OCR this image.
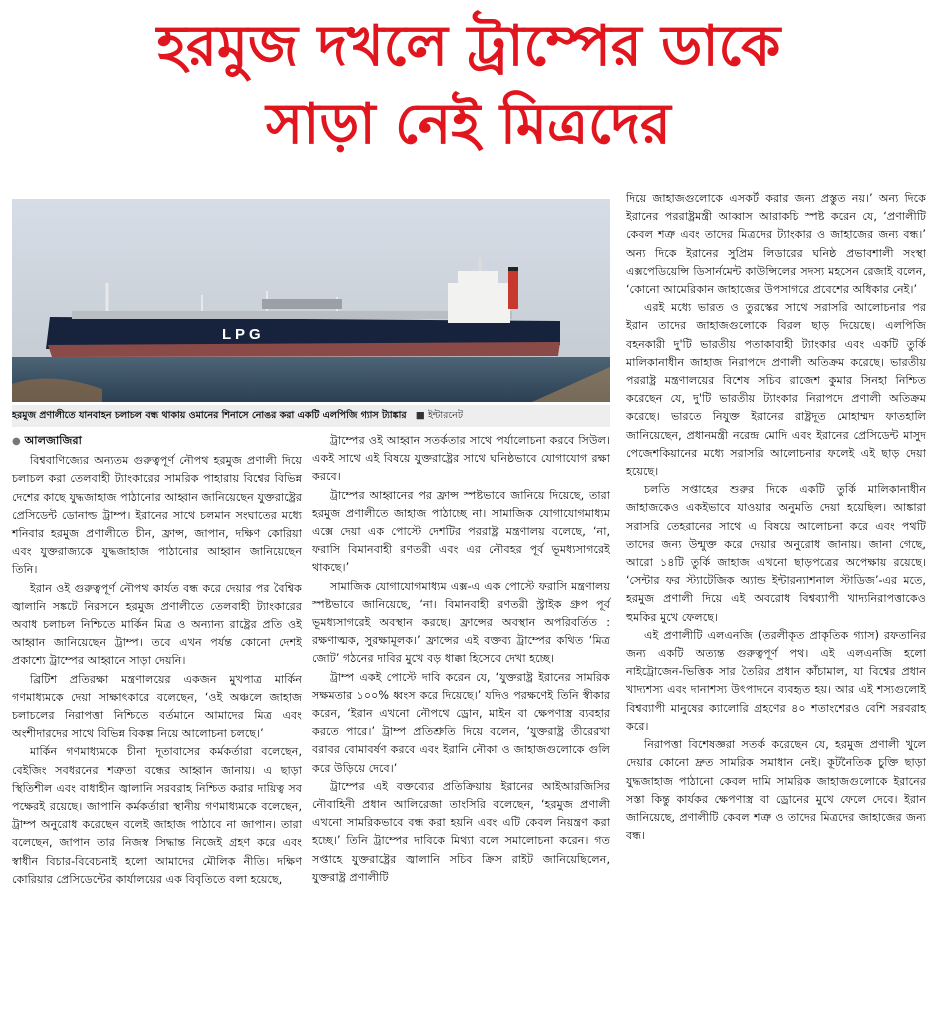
হরমুজ দখলে ট্রাম্পের ডাকে
সাড়া নেই মিত্রদের
L P G
হরমুজ প্রণালীতে যানবাহন চলাচল বন্ধ থাকায় ওমানের শিনাসে নোঙর করা একটি এলপিজি গ্যাস ট্যাঙ্কার   ■ ইন্টারনেট
● আলজাজিরা

বিশ্ববাণিজ্যের অন্যতম গুরুত্বপূর্ণ নৌপথ হরমুজ প্রণালী দিয়ে চলাচল করা তেলবাহী ট্যাংকারের সামরিক পাহারায় বিশ্বের বিভিন্ন দেশের কাছে যুদ্ধজাহাজ পাঠানোর আহ্বান জানিয়েছেন যুক্তরাষ্ট্রের প্রেসিডেন্ট ডোনাল্ড ট্রাম্প। ইরানের সাথে চলমান সংঘাতের মধ্যে শনিবার হরমুজ প্রণালীতে চীন, ফ্রান্স, জাপান, দক্ষিণ কোরিয়া এবং যুক্তরাজ্যকে যুদ্ধজাহাজ পাঠানোর আহ্বান জানিয়েছেন তিনি।

ইরান ওই গুরুত্বপূর্ণ নৌপথ কার্যত বন্ধ করে দেয়ার পর বৈশ্বিক জ্বালানি সঙ্কটে নিরসনে হরমুজ প্রণালীতে তেলবাহী ট্যাংকারের অবাধ চলাচল নিশ্চিতে মার্কিন মিত্র ও অন্যান্য রাষ্ট্রের প্রতি ওই আহ্বান জানিয়েছেন ট্রাম্প। তবে এখন পর্যন্ত কোনো দেশই প্রকাশ্যে ট্রাম্পের আহ্বানে সাড়া দেয়নি।

ব্রিটিশ প্রতিরক্ষা মন্ত্রণালয়ের একজন মুখপাত্র মার্কিন গণমাধ্যমকে দেয়া সাক্ষাৎকারে বলেছেন, ‘ওই অঞ্চলে জাহাজ চলাচলের নিরাপত্তা নিশ্চিতে বর্তমানে আমাদের মিত্র এবং অংশীদারদের সাথে বিভিন্ন বিকল্প নিয়ে আলোচনা চলছে।’

মার্কিন গণমাধ্যমকে চীনা দূতাবাসের কর্মকর্তারা বলেছেন, বেইজিং সবধরনের শত্রুতা বন্ধের আহ্বান জানায়। এ ছাড়া স্থিতিশীল এবং বাধাহীন জ্বালানি সরবরাহ নিশ্চিত করার দায়িত্ব সব পক্ষেরই রয়েছে। জাপানি কর্মকর্তারা স্থানীয় গণমাধ্যমকে বলেছেন, ট্রাম্প অনুরোধ করেছেন বলেই জাহাজ পাঠাবে না জাপান। তারা বলেছেন, জাপান তার নিজস্ব সিদ্ধান্ত নিজেই গ্রহণ করে এবং স্বাধীন বিচার-বিবেচনাই হলো আমাদের মৌলিক নীতি। দক্ষিণ কোরিয়ার প্রেসিডেন্টের কার্যালয়ের এক বিবৃতিতে বলা হয়েছে,

ট্রাম্পের ওই আহ্বান সতর্কতার সাথে পর্যালোচনা করবে সিউল। একই সাথে এই বিষয়ে যুক্তরাষ্ট্রের সাথে ঘনিষ্ঠভাবে যোগাযোগ রক্ষা করবে।

ট্রাম্পের আহ্বানের পর ফ্রান্স স্পষ্টভাবে জানিয়ে দিয়েছে, তারা হরমুজ প্রণালীতে জাহাজ পাঠাচ্ছে না। সামাজিক যোগাযোগমাধ্যম এক্সে দেয়া এক পোস্টে দেশটির পররাষ্ট্র মন্ত্রণালয় বলেছে, ‘না, ফরাসি বিমানবাহী রণতরী এবং এর নৌবহর পূর্ব ভূমধ্যসাগরেই থাকছে।’

সামাজিক যোগাযোগমাধ্যম এক্স-এ এক পোস্টে ফরাসি মন্ত্রণালয় স্পষ্টভাবে জানিয়েছে, ‘না। বিমানবাহী রণতরী স্ট্রাইক গ্রুপ পূর্ব ভূমধ্যসাগরেই অবস্থান করছে। ফ্রান্সের অবস্থান অপরিবর্তিত : রক্ষণাত্মক, সুরক্ষামূলক।’ ফ্রান্সের এই বক্তব্য ট্রাম্পের কথিত ‘মিত্র জোট’ গঠনের দাবির মুখে বড় ধাক্কা হিসেবে দেখা হচ্ছে।

ট্রাম্প একই পোস্টে দাবি করেন যে, ‘যুক্তরাষ্ট্র ইরানের সামরিক সক্ষমতার ১০০% ধ্বংস করে দিয়েছে।’ যদিও পরক্ষণেই তিনি স্বীকার করেন, ‘ইরান এখনো নৌপথে ড্রোন, মাইন বা ক্ষেপণাস্ত্র ব্যবহার করতে পারে।’ ট্রাম্প প্রতিশ্রুতি দিয়ে বলেন, ‘যুক্তরাষ্ট্র তীরেরখা বরাবর বোমাবর্ষণ করবে এবং ইরানি নৌকা ও জাহাজগুলোকে গুলি করে উড়িয়ে দেবে।’

ট্রাম্পের এই বক্তব্যের প্রতিক্রিয়ায় ইরানের আইআরজিসির নৌবাহিনী প্রধান আলিরেজা তাংসিরি বলেছেন, ‘হরমুজ প্রণালী এখনো সামরিকভাবে বন্ধ করা হয়নি এবং এটি কেবল নিয়ন্ত্রণ করা হচ্ছে।’ তিনি ট্রাম্পের দাবিকে মিথ্যা বলে সমালোচনা করেন। গত সপ্তাহে যুক্তরাষ্ট্রের জ্বালানি সচিব ক্রিস রাইট জানিয়েছিলেন, যুক্তরাষ্ট্র প্রণালীটি

দিয়ে জাহাজগুলোকে এসকর্ট করার জন্য প্রস্তুত নয়।’ অন্য দিকে ইরানের পররাষ্ট্রমন্ত্রী আব্বাস আরাকচি স্পষ্ট করেন যে, ‘প্রণালীটি কেবল শত্রু এবং তাদের মিত্রদের ট্যাংকার ও জাহাজের জন্য বন্ধ।’ অন্য দিকে ইরানের সুপ্রিম লিডারের ঘনিষ্ঠ প্রভাবশালী সংস্থা এক্সপেডিয়েন্সি ডিসার্নমেন্ট কাউন্সিলের সদস্য মহসেন রেজাই বলেন, ‘কোনো আমেরিকান জাহাজের উপসাগরে প্রবেশের অধিকার নেই।’

এরই মধ্যে ভারত ও তুরস্কের সাথে সরাসরি আলোচনার পর ইরান তাদের জাহাজগুলোকে বিরল ছাড় দিয়েছে। এলপিজি বহনকারী দু'টি ভারতীয় পতাকাবাহী ট্যাংকার এবং একটি তুর্কি মালিকানাধীন জাহাজ নিরাপদে প্রণালী অতিক্রম করেছে। ভারতীয় পররাষ্ট্র মন্ত্রণালয়ের বিশেষ সচিব রাজেশ কুমার সিনহা নিশ্চিত করেছেন যে, দু'টি ভারতীয় ট্যাংকার নিরাপদে প্রণালী অতিক্রম করেছে। ভারতে নিযুক্ত ইরানের রাষ্ট্রদূত মোহাম্মদ ফাতহালি জানিয়েছেন, প্রধানমন্ত্রী নরেন্দ্র মোদি এবং ইরানের প্রেসিডেন্ট মাসুদ পেজেশকিয়ানের মধ্যে সরাসরি আলোচনার ফলেই এই ছাড় দেয়া হয়েছে।

চলতি সপ্তাহের শুরুর দিকে একটি তুর্কি মালিকানাধীন জাহাজকেও একইভাবে যাওয়ার অনুমতি দেয়া হয়েছিল। আঙ্কারা সরাসরি তেহরানের সাথে এ বিষয়ে আলোচনা করে এবং পথটি তাদের জন্য উন্মুক্ত করে দেয়ার অনুরোধ জানায়। জানা গেছে, আরো ১৪টি তুর্কি জাহাজ এখনো ছাড়পত্রের অপেক্ষায় রয়েছে। ‘সেন্টার ফর স্ট্যাটেজিক অ্যান্ড ইন্টারন্যাশনাল স্টাডিজ’-এর মতে, হরমুজ প্রণালী দিয়ে এই অবরোধ বিশ্বব্যাপী খাদ্যনিরাপত্তাকেও হুমকির মুখে ফেলছে।

এই প্রণালীটি এলএনজি (তরলীকৃত প্রাকৃতিক গ্যাস) রফতানির জন্য একটি অত্যন্ত গুরুত্বপূর্ণ পথ। এই এলএনজি হলো নাইট্রোজেন-ভিত্তিক সার তৈরির প্রধান কাঁচামাল, যা বিশ্বের প্রধান খাদ্যশস্য এবং দানাশস্য উৎপাদনে ব্যবহৃত হয়। আর এই শস্যগুলোই বিশ্বব্যাপী মানুষের ক্যালোরি গ্রহণের ৪০ শতাংশেরও বেশি সরবরাহ করে।

নিরাপত্তা বিশেষজ্ঞরা সতর্ক করেছেন যে, হরমুজ প্রণালী খুলে দেয়ার কোনো দ্রুত সামরিক সমাধান নেই। কূটনৈতিক চুক্তি ছাড়া যুদ্ধজাহাজ পাঠানো কেবল দামি সামরিক জাহাজগুলোকে ইরানের সস্তা কিন্তু কার্যকর ক্ষেপণাস্ত্র বা ড্রোনের মুখে ফেলে দেবে। ইরান জানিয়েছে, প্রণালীটি কেবল শত্রু ও তাদের মিত্রদের জাহাজের জন্য বন্ধ।
